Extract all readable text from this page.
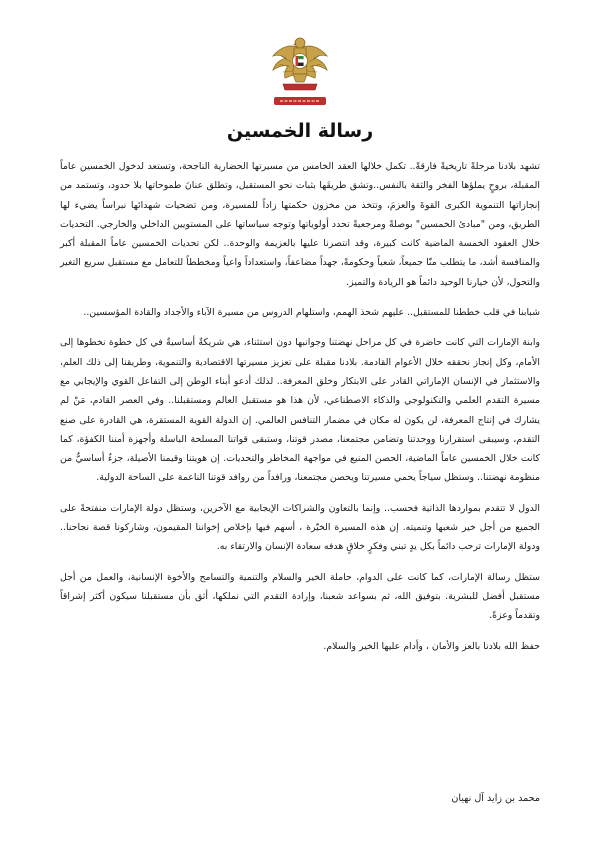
رسالة الخمسين

تشهد بلادنا مرحلةً تاريخيةً فارقةً.. تكمل خلالها العقد الخامس من مسيرتها الحضارية الناجحة، وتستعد لدخول الخمسين عاماً المقبلة، بروحٍ يملؤها الفخر والثقة بالنفس..وتشق طريقَها بثبات نحو المستقبل، وتطلق عنانَ طموحاتها بلا حدود، وتستمد من إنجازاتها التنموية الكبرى القوةَ والعزمَ، وتتخذ من مخزون حكمتها زاداً للمسيرة، ومن تضحيات شهدائها نبراساً يضيء لها الطريق، ومن "مبادئ الخمسين" بوصلةً ومرجعيةً تحدد أولوياتها وتوجه سياساتها على المستويين الداخلي والخارجي. التحديات خلال العقود الخمسة الماضية كانت كبيرة، وقد انتصرنا عليها بالعزيمة والوحدة.. لكن تحديات الخمسين عاماً المقبلة أكبر والمنافسة أشد، ما يتطلب منّا جميعاً، شعباً وحكومةً، جهداً مضاعفاً، واستعداداً واعياً ومخططاً للتعامل مع مستقبل سريع التغير والتحول، لأن خيارنا الوحيد دائماً هو الريادة والتميز.

شبابنا في قلب خططنا للمستقبل.. عليهم شحذ الهمم، واستلهام الدروس من مسيرة الآباء والأجداد والقادة المؤسسين..

وابنة الإمارات التي كانت حاضرة في كل مراحل نهضتنا وجوانبها دون استثناء، هي شريكةٌ أساسيةٌ في كل خطوة نخطوها إلى الأمام، وكل إنجاز نحققه خلال الأعوام القادمة. بلادنا مقبلة على تعزيز مسيرتها الاقتصادية والتنموية، وطريقنا إلى ذلك العلم، والاستثمار في الإنسان الإماراتي القادر على الابتكار وخلق المعرفة.. لذلك أدعو أبناء الوطن إلى التفاعل القوي والإيجابي مع مسيرة التقدم العلمي والتكنولوجي والذكاء الاصطناعي، لأن هذا هو مستقبل العالم ومستقبلنا.. وفي العصر القادم، مَنْ لم يشارك في إنتاج المعرفة، لن يكون له مكان في مضمار التنافس العالمي. إن الدولة القوية المستقرة، هي القادرة على صنع التقدم، وسيبقى استقرارنا ووحدتنا وتضامن مجتمعنا، مصدر قوتنا، وستبقى قواتنا المسلحة الباسلة وأجهزة أمننا الكفؤة، كما كانت خلال الخمسين عاماً الماضية، الحصن المنيع في مواجهة المخاطر والتحديات. إن هويتنا وقيمنا الأصيلة، جزءٌ أساسيٌّ من منظومة نهضتنا.. وستظل سياجاً يحمي مسيرتنا ويحصن مجتمعنا، ورافداً من روافد قوتنا الناعمة على الساحة الدولية.

الدول لا تتقدم بمواردها الذاتية فحسب.. وإنما بالتعاون والشراكات الإيجابية مع الآخرين، وستظل دولة الإمارات منفتحةً على الجميع من أجل خير شعبها وتنميته. إن هذه المسيرة الخيّرة ، أسهم فيها بإخلاص إخواننا المقيمون، وشاركونا قصة نجاحنا.. ودولة الإمارات ترحب دائماً بكل يدٍ تبني وفكرٍ خلاقٍ هدفه سعادة الإنسان والارتقاء به.

ستظل رسالة الإمارات، كما كانت على الدوام، حاملة الخير والسلام والتنمية والتسامح والأخوة الإنسانية، والعمل من أجل مستقبل أفضل للبشرية. بتوفيق الله، ثم بسواعد شعبنا، وإرادة التقدم التي نملكها، أثق بأن مستقبلنا سيكون أكثر إشراقاً وتقدماً وعزةً.

حفظ الله بلادنا بالعز والأمان ، وأدام عليها الخير والسلام.

محمد بن زايد آل نهيان
